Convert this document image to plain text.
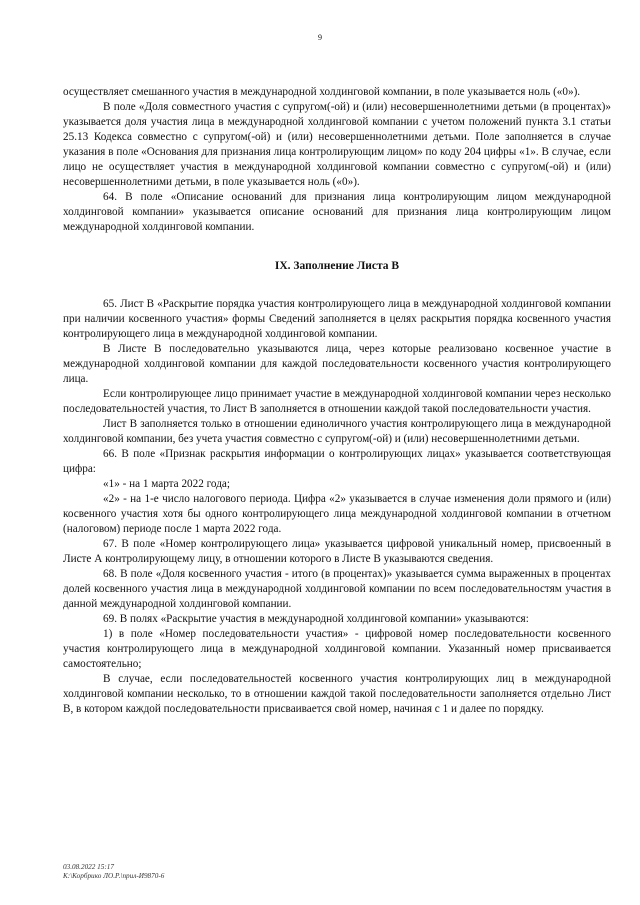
9

осуществляет смешанного участия в международной холдинговой компании, в поле указывается ноль («0»).

В поле «Доля совместного участия с супругом(-ой) и (или) несовершеннолетними детьми (в процентах)» указывается доля участия лица в международной холдинговой компании с учетом положений пункта 3.1 статьи 25.13 Кодекса совместно с супругом(-ой) и (или) несовершеннолетними детьми. Поле заполняется в случае указания в поле «Основания для признания лица контролирующим лицом» по коду 204 цифры «1». В случае, если лицо не осуществляет участия в международной холдинговой компании совместно с супругом(-ой) и (или) несовершеннолетними детьми, в поле указывается ноль («0»).

64. В поле «Описание оснований для признания лица контролирующим лицом международной холдинговой компании» указывается описание оснований для признания лица контролирующим лицом международной холдинговой компании.

IX. Заполнение Листа В

65. Лист В «Раскрытие порядка участия контролирующего лица в международной холдинговой компании при наличии косвенного участия» формы Сведений заполняется в целях раскрытия порядка косвенного участия контролирующего лица в международной холдинговой компании.

В Листе В последовательно указываются лица, через которые реализовано косвенное участие в международной холдинговой компании для каждой последовательности косвенного участия контролирующего лица.

Если контролирующее лицо принимает участие в международной холдинговой компании через несколько последовательностей участия, то Лист В заполняется в отношении каждой такой последовательности участия.

Лист В заполняется только в отношении единоличного участия контролирующего лица в международной холдинговой компании, без учета участия совместно с супругом(-ой) и (или) несовершеннолетними детьми.

66. В поле «Признак раскрытия информации о контролирующих лицах» указывается соответствующая цифра:

«1» - на 1 марта 2022 года;

«2» - на 1-е число налогового периода. Цифра «2» указывается в случае изменения доли прямого и (или) косвенного участия хотя бы одного контролирующего лица международной холдинговой компании в отчетном (налоговом) периоде после 1 марта 2022 года.

67. В поле «Номер контролирующего лица» указывается цифровой уникальный номер, присвоенный в Листе А контролирующему лицу, в отношении которого в Листе В указываются сведения.

68. В поле «Доля косвенного участия - итого (в процентах)» указывается сумма выраженных в процентах долей косвенного участия лица в международной холдинговой компании по всем последовательностям участия в данной международной холдинговой компании.

69. В полях «Раскрытие участия в международной холдинговой компании» указываются:

1) в поле «Номер последовательности участия» - цифровой номер последовательности косвенного участия контролирующего лица в международной холдинговой компании. Указанный номер присваивается самостоятельно;

В случае, если последовательностей косвенного участия контролирующих лиц в международной холдинговой компании несколько, то в отношении каждой такой последовательности заполняется отдельно Лист В, в котором каждой последовательности присваивается свой номер, начиная с 1 и далее по порядку.

03.08.2022 15:17
К:\Корбрико ЛО.Р.\прил-И9870-6
